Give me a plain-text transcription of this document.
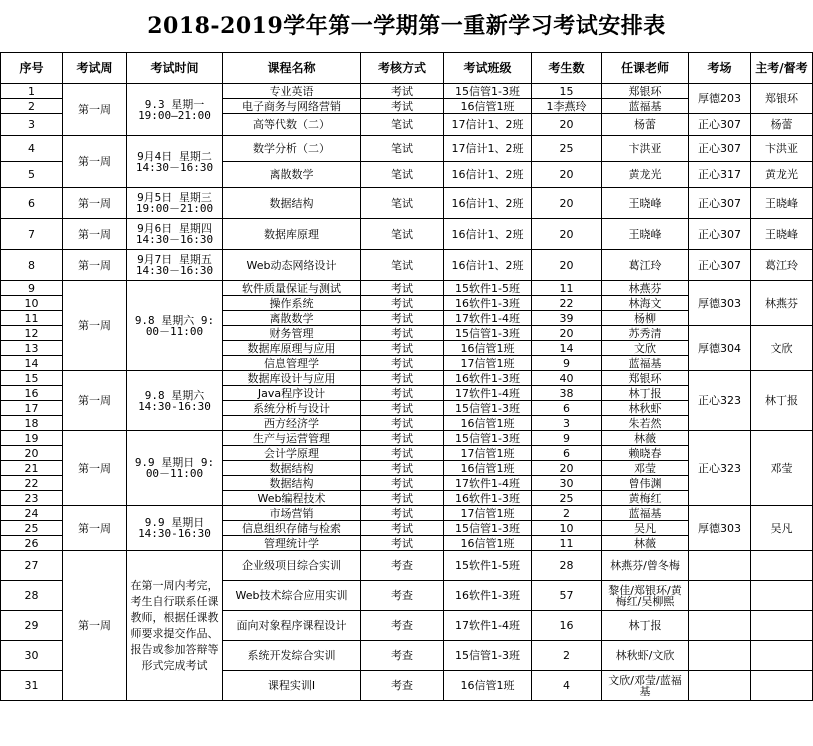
2018-2019学年第一学期第一重新学习考试安排表
序号	考试周	考试时间	课程名称	考核方式	考试班级	考生数	任课老师	考场	主考/督考
1	第一周	9.3 星期一 19:00—21:00	专业英语	考试	15信管1-3班	15	郑银环	厚德203	郑银环
2			电子商务与网络营销	考试	16信管1班	1李燕玲	蓝福基		
3			高等代数（二）	笔试	17信计1、2班	20	杨蕾	正心307	杨蕾
4	第一周	9月4日 星期二 14:30－16:30	数学分析（二）	笔试	17信计1、2班	25	卞洪亚	正心307	卞洪亚
5			离散数学	笔试	16信计1、2班	20	黄龙光	正心317	黄龙光
6	第一周	9月5日 星期三 19:00－21:00	数据结构	笔试	16信计1、2班	20	王晓峰	正心307	王晓峰
7	第一周	9月6日 星期四 14:30－16:30	数据库原理	笔试	16信计1、2班	20	王晓峰	正心307	王晓峰
8	第一周	9月7日 星期五 14:30－16:30	Web动态网络设计	笔试	16信计1、2班	20	葛江玲	正心307	葛江玲
9	第一周	9.8 星期六 9: 00－11:00	软件质量保证与测试	考试	15软件1-5班	11	林燕芬	厚德303	林燕芬
10			操作系统	考试	16软件1-3班	22	林海文		
11			离散数学	考试	17软件1-4班	39	杨柳		
12			财务管理	考试	15信管1-3班	20	苏秀清	厚德304	文欣
13			数据库原理与应用	考试	16信管1班	14	文欣		
14			信息管理学	考试	17信管1班	9	蓝福基		
15	第一周	9.8 星期六 14:30-16:30	数据库设计与应用	考试	16软件1-3班	40	郑银环	正心323	林丁报
16			Java程序设计	考试	17软件1-4班	38	林丁报		
17			系统分析与设计	考试	15信管1-3班	6	林秋虾		
18			西方经济学	考试	16信管1班	3	朱若然		
19	第一周	9.9 星期日 9: 00－11:00	生产与运营管理	考试	15信管1-3班	9	林薇	正心323	邓莹
20			会计学原理	考试	17信管1班	6	赖晓春		
21			数据结构	考试	16信管1班	20	邓莹		
22			数据结构	考试	17软件1-4班	30	曾伟渊		
23			Web编程技术	考试	16软件1-3班	25	黄梅红		
24	第一周	9.9 星期日 14:30-16:30	市场营销	考试	17信管1班	2	蓝福基	厚德303	吴凡
25			信息组织存储与检索	考试	15信管1-3班	10	吴凡		
26			管理统计学	考试	16信管1班	11	林薇		
27	第一周	在第一周内考完，考生自行联系任课教师，根据任课教师要求提交作品、报告或参加答辩等形式完成考试	企业级项目综合实训	考查	15软件1-5班	28	林燕芬/曾冬梅		
28			Web技术综合应用实训	考查	16软件1-3班	57	黎佳/郑银环/黄梅红/吴柳熙		
29			面向对象程序课程设计	考查	17软件1-4班	16	林丁报		
30			系统开发综合实训	考查	15信管1-3班	2	林秋虾/文欣		
31			课程实训I	考查	16信管1班	4	文欣/邓莹/蓝福基		
